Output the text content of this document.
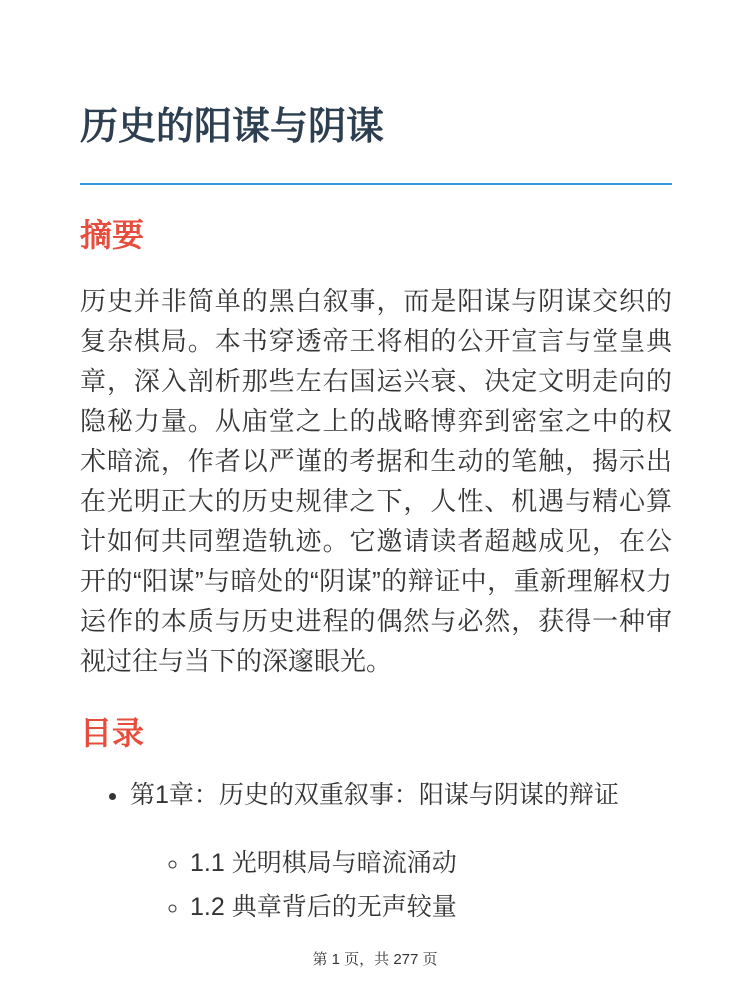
历史的阳谋与阴谋
摘要

历史并非简单的黑白叙事，而是阳谋与阴谋交织的复杂棋局。本书穿透帝王将相的公开宣言与堂皇典章，深入剖析那些左右国运兴衰、决定文明走向的隐秘力量。从庙堂之上的战略博弈到密室之中的权术暗流，作者以严谨的考据和生动的笔触，揭示出在光明正大的历史规律之下，人性、机遇与精心算计如何共同塑造轨迹。它邀请读者超越成见，在公开的“阳谋”与暗处的“阴谋”的辩证中，重新理解权力运作的本质与历史进程的偶然与必然，获得一种审视过往与当下的深邃眼光。

目录
• 第1章：历史的双重叙事：阳谋与阴谋的辩证
◦ 1.1 光明棋局与暗流涌动
◦ 1.2 典章背后的无声较量
第 1 页，共 277 页
